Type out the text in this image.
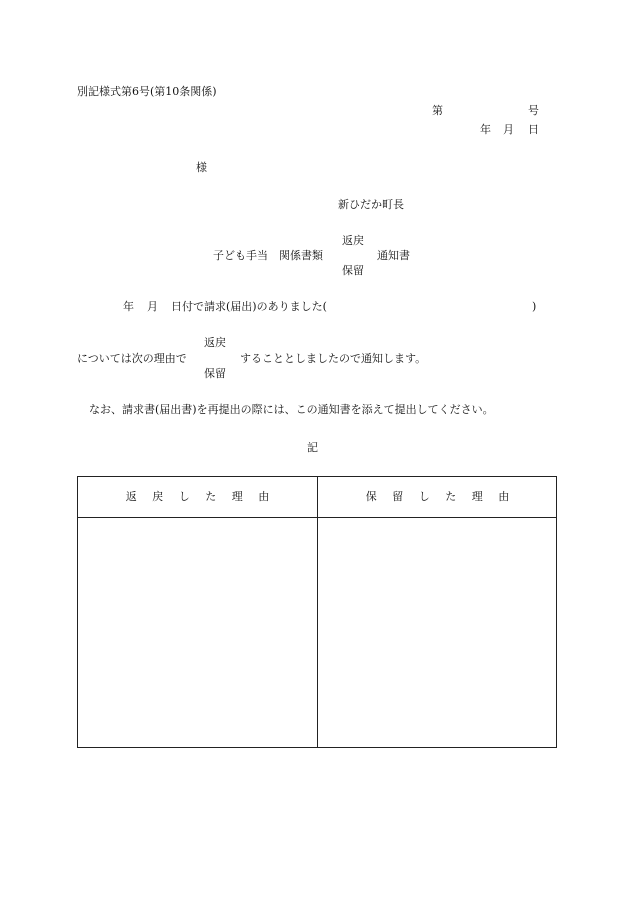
別記様式第6号(第10条関係)
第	号
年 月 日
様
新ひだか町長
返戻
子ども手当　関係書類	通知書
保留
年 月 日付で請求(届出)のありました(	)
返戻
については次の理由で	することとしましたので通知します。
保留
なお、請求書(届出書)を再提出の際には、この通知書を添えて提出してください。
記
返 戻 し た 理 由	保 留 し た 理 由
